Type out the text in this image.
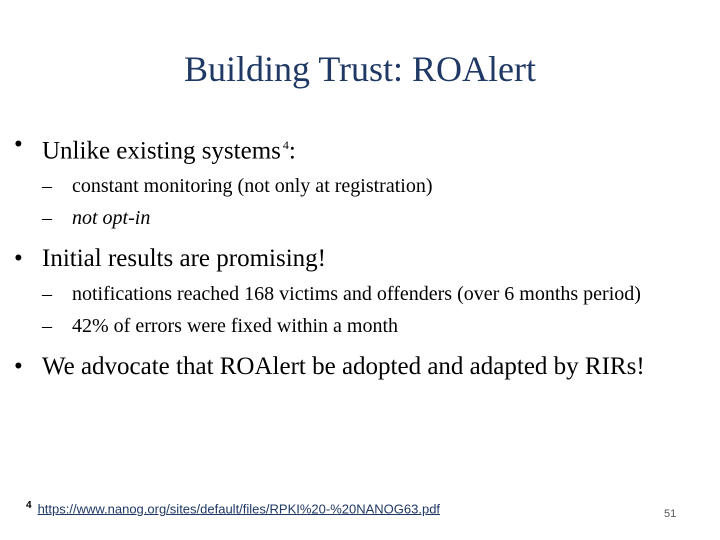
Building Trust: ROAlert
• Unlike existing systems $^4$:
– constant monitoring (not only at registration)
– not opt-in
• Initial results are promising!
– notifications reached 168 victims and offenders (over 6 months period)
– 42% of errors were fixed within a month
• We advocate that ROAlert be adopted and adapted by RIRs!
$^4$ https://www.nanog.org/sites/default/files/RPKI%20-%20NANOG63.pdf	51
